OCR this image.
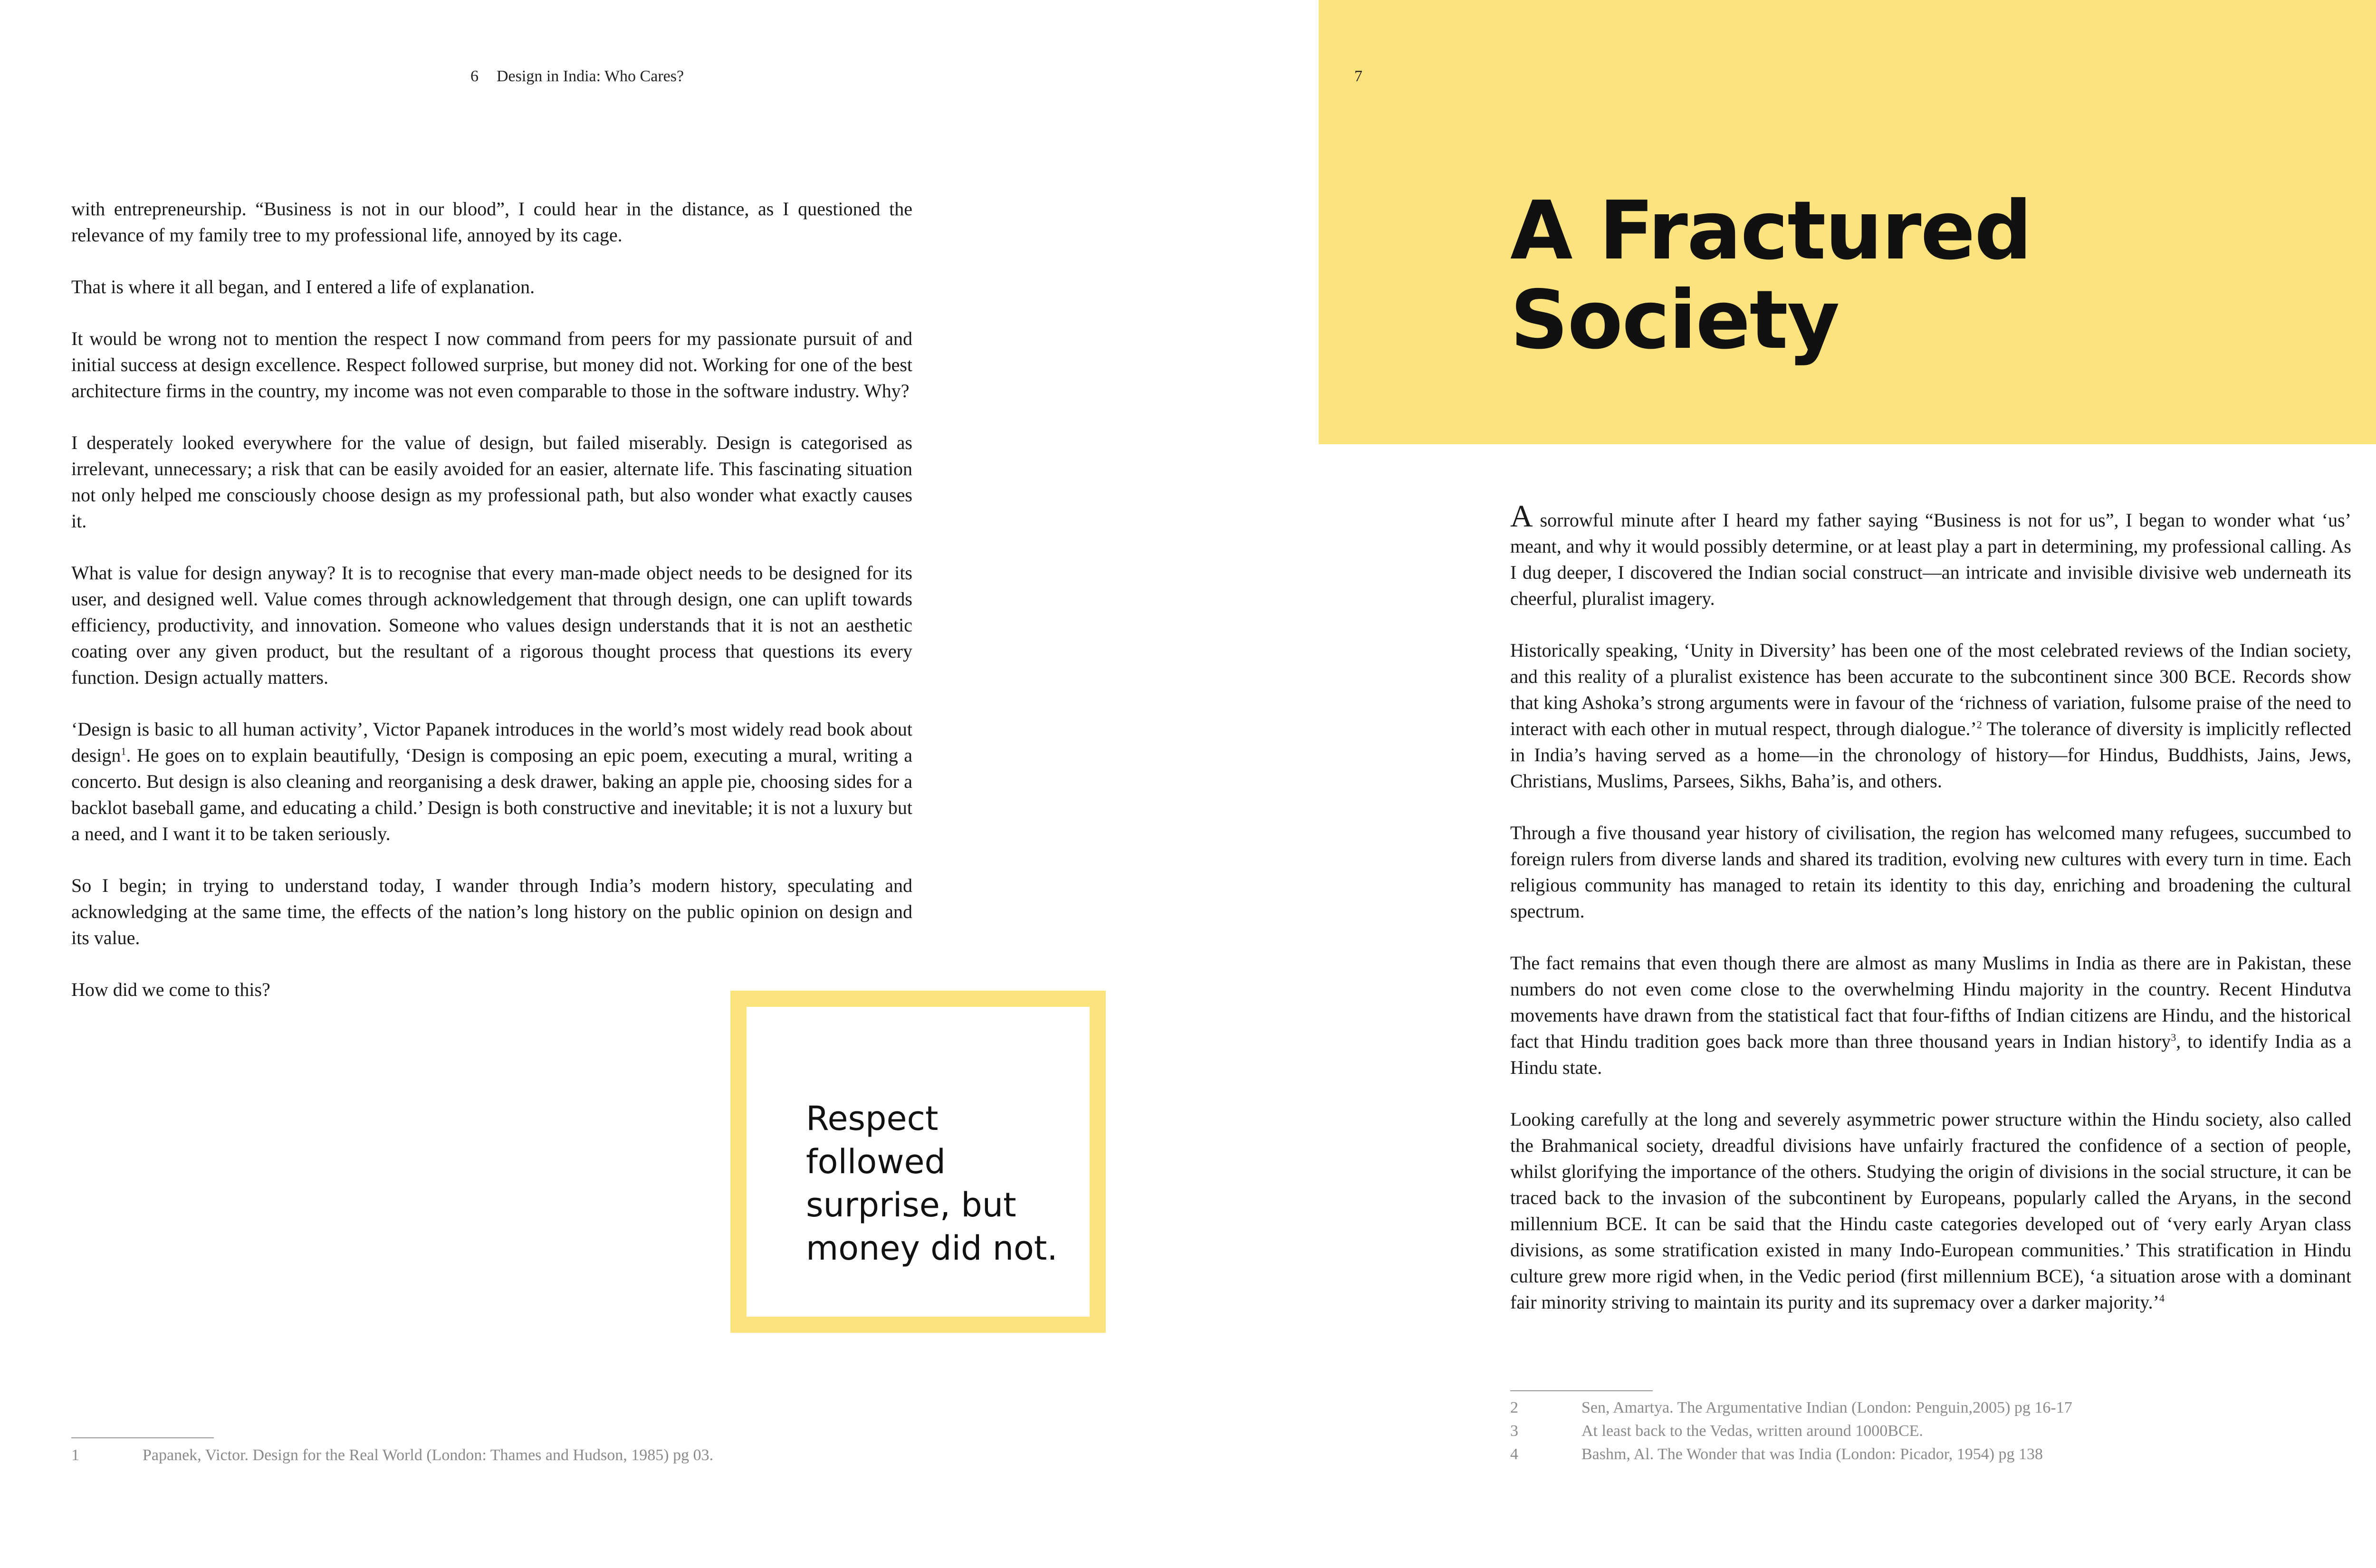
6 Design in India: Who Cares?

with entrepreneurship. “Business is not in our blood”, I could hear in the distance, as I questioned the relevance of my family tree to my professional life, annoyed by its cage.

That is where it all began, and I entered a life of explanation.

It would be wrong not to mention the respect I now command from peers for my passionate pursuit of and initial success at design excellence. Respect followed surprise, but money did not. Working for one of the best architecture firms in the country, my income was not even comparable to those in the software industry. Why?

I desperately looked everywhere for the value of design, but failed miserably. Design is categorised as irrelevant, unnecessary; a risk that can be easily avoided for an easier, alternate life. This fascinating situation not only helped me consciously choose design as my professional path, but also wonder what exactly causes it.

What is value for design anyway? It is to recognise that every man-made object needs to be designed for its user, and designed well. Value comes through acknowledgement that through design, one can uplift towards efficiency, productivity, and innovation. Someone who values design understands that it is not an aesthetic coating over any given product, but the resultant of a rigorous thought process that questions its every function. Design actually matters.

‘Design is basic to all human activity’, Victor Papanek introduces in the world’s most widely read book about design$^1$. He goes on to explain beautifully, ‘Design is composing an epic poem, executing a mural, writing a concerto. But design is also cleaning and reorganising a desk drawer, baking an apple pie, choosing sides for a backlot baseball game, and educating a child.’ Design is both constructive and inevitable; it is not a luxury but a need, and I want it to be taken seriously.

So I begin; in trying to understand today, I wander through India’s modern history, speculating and acknowledging at the same time, the effects of the nation’s long history on the public opinion on design and its value.

How did we come to this?

Respect followed surprise, but money did not.

1	Papanek, Victor. Design for the Real World (London: Thames and Hudson, 1985) pg 03.
7
A Fractured
Society

A sorrowful minute after I heard my father saying “Business is not for us”, I began to wonder what ‘us’ meant, and why it would possibly determine, or at least play a part in determining, my professional calling. As I dug deeper, I discovered the Indian social construct—an intricate and invisible divisive web underneath its cheerful, pluralist imagery.

Historically speaking, ‘Unity in Diversity’ has been one of the most celebrated reviews of the Indian society, and this reality of a pluralist existence has been accurate to the subcontinent since 300 BCE. Records show that king Ashoka’s strong arguments were in favour of the ‘richness of variation, fulsome praise of the need to interact with each other in mutual respect, through dialogue.’$^2$ The tolerance of diversity is implicitly reflected in India’s having served as a home—in the chronology of history—for Hindus, Buddhists, Jains, Jews, Christians, Muslims, Parsees, Sikhs, Baha’is, and others.

Through a five thousand year history of civilisation, the region has welcomed many refugees, succumbed to foreign rulers from diverse lands and shared its tradition, evolving new cultures with every turn in time. Each religious community has managed to retain its identity to this day, enriching and broadening the cultural spectrum.

The fact remains that even though there are almost as many Muslims in India as there are in Pakistan, these numbers do not even come close to the overwhelming Hindu majority in the country. Recent Hindutva movements have drawn from the statistical fact that four-fifths of Indian citizens are Hindu, and the historical fact that Hindu tradition goes back more than three thousand years in Indian history$^3$, to identify India as a Hindu state.

Looking carefully at the long and severely asymmetric power structure within the Hindu society, also called the Brahmanical society, dreadful divisions have unfairly fractured the confidence of a section of people, whilst glorifying the importance of the others. Studying the origin of divisions in the social structure, it can be traced back to the invasion of the subcontinent by Europeans, popularly called the Aryans, in the second millennium BCE. It can be said that the Hindu caste categories developed out of ‘very early Aryan class divisions, as some stratification existed in many Indo-European communities.’ This stratification in Hindu culture grew more rigid when, in the Vedic period (first millennium BCE), ‘a situation arose with a dominant fair minority striving to maintain its purity and its supremacy over a darker majority.’$^4$

2	Sen, Amartya. The Argumentative Indian (London: Penguin,2005) pg 16-17
3	At least back to the Vedas, written around 1000BCE.
4	Bashm, Al. The Wonder that was India (London: Picador, 1954) pg 138
